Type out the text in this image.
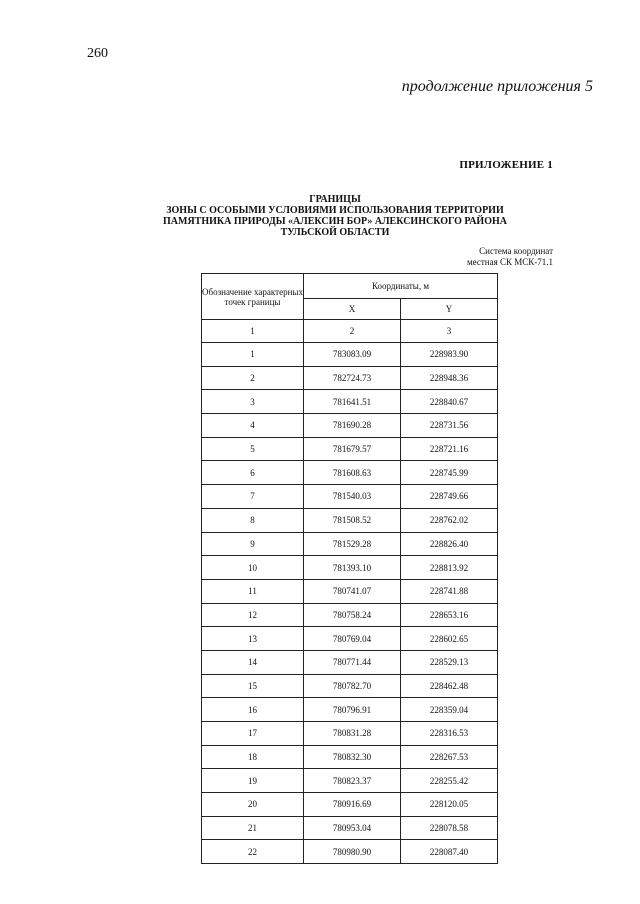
260
продолжение приложения 5
ПРИЛОЖЕНИЕ 1
ГРАНИЦЫ
ЗОНЫ С ОСОБЫМИ УСЛОВИЯМИ ИСПОЛЬЗОВАНИЯ ТЕРРИТОРИИ
ПАМЯТНИКА ПРИРОДЫ «АЛЕКСИН БОР» АЛЕКСИНСКОГО РАЙОНА
ТУЛЬСКОЙ ОБЛАСТИ
Система координат
местная СК МСК-71.1
Обозначение характерных точек границы	Координаты, м	
	X	Y
1	2	3
1	783083.09	228983.90
2	782724.73	228948.36
3	781641.51	228840.67
4	781690.28	228731.56
5	781679.57	228721.16
6	781608.63	228745.99
7	781540.03	228749.66
8	781508.52	228762.02
9	781529.28	228826.40
10	781393.10	228813.92
11	780741.07	228741.88
12	780758.24	228653.16
13	780769.04	228602.65
14	780771.44	228529.13
15	780782.70	228462.48
16	780796.91	228359.04
17	780831.28	228316.53
18	780832.30	228267.53
19	780823.37	228255.42
20	780916.69	228120.05
21	780953.04	228078.58
22	780980.90	228087.40
